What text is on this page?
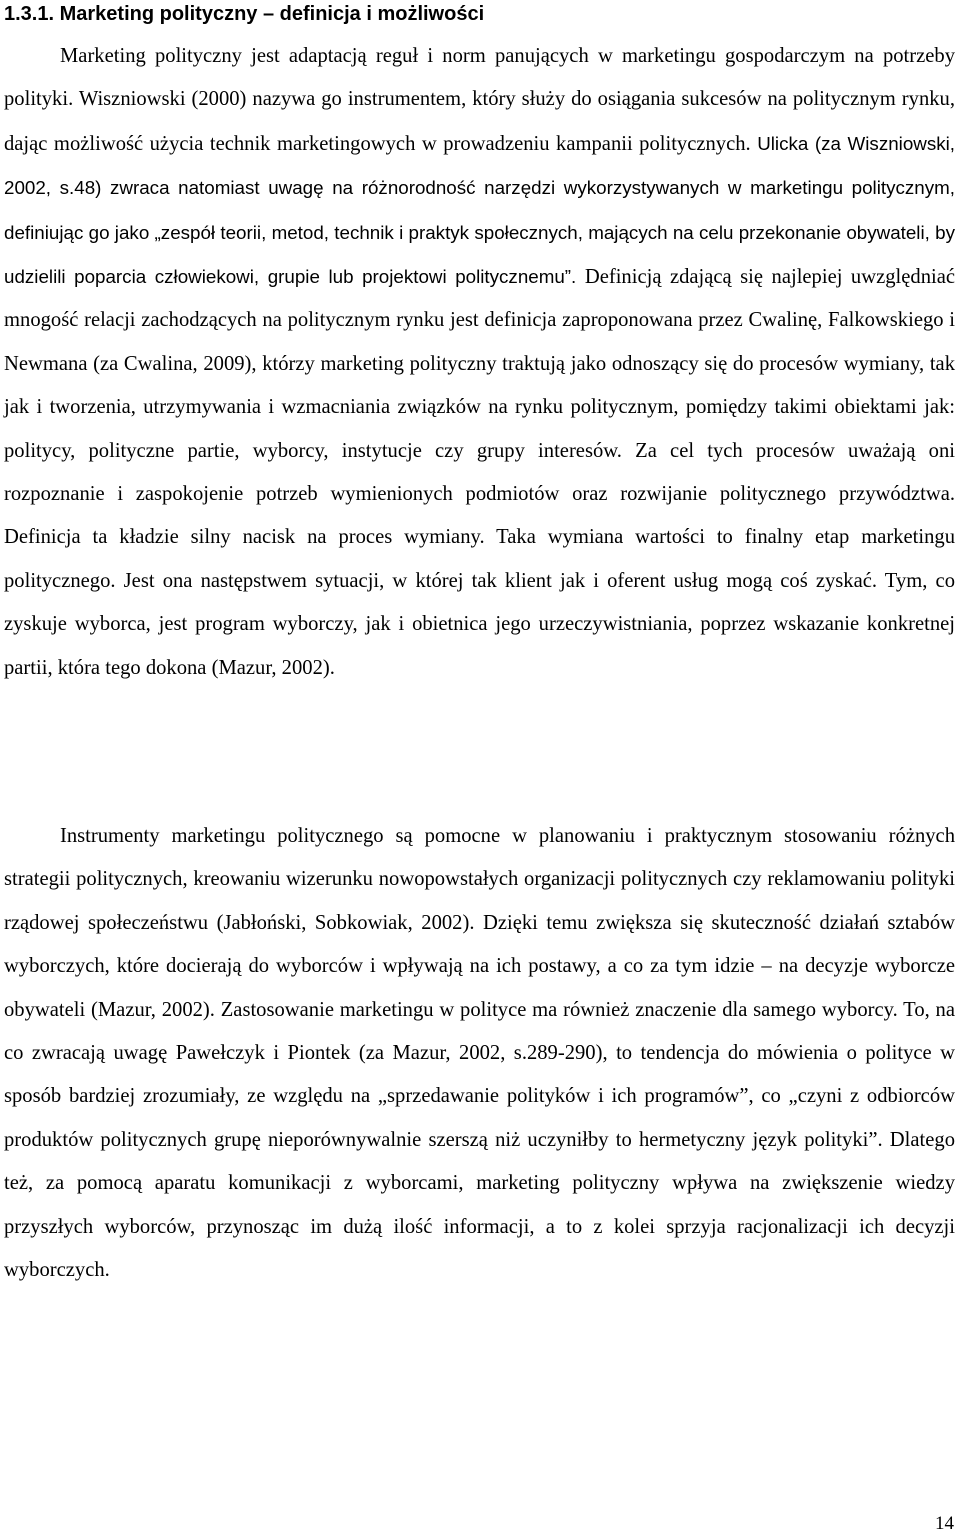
1.3.1. Marketing polityczny – definicja i możliwości

Marketing polityczny jest adaptacją reguł i norm panujących w marketingu gospodarczym na potrzeby polityki. Wiszniowski (2000) nazywa go instrumentem, który służy do osiągania sukcesów na politycznym rynku, dając możliwość użycia technik marketingowych w prowadzeniu kampanii politycznych. Ulicka (za Wiszniowski, 2002, s.48) zwraca natomiast uwagę na różnorodność narzędzi wykorzystywanych w marketingu politycznym, definiując go jako „zespół teorii, metod, technik i praktyk społecznych, mających na celu przekonanie obywateli, by udzielili poparcia człowiekowi, grupie lub projektowi politycznemu”. Definicją zdającą się najlepiej uwzględniać mnogość relacji zachodzących na politycznym rynku jest definicja zaproponowana przez Cwalinę, Falkowskiego i Newmana (za Cwalina, 2009), którzy marketing polityczny traktują jako odnoszący się do procesów wymiany, tak jak i tworzenia, utrzymywania i wzmacniania związków na rynku politycznym, pomiędzy takimi obiektami jak: politycy, polityczne partie, wyborcy, instytucje czy grupy interesów. Za cel tych procesów uważają oni rozpoznanie i zaspokojenie potrzeb wymienionych podmiotów oraz rozwijanie politycznego przywództwa. Definicja ta kładzie silny nacisk na proces wymiany. Taka wymiana wartości to finalny etap marketingu politycznego. Jest ona następstwem sytuacji, w której tak klient jak i oferent usług mogą coś zyskać. Tym, co zyskuje wyborca, jest program wyborczy, jak i obietnica jego urzeczywistniania, poprzez wskazanie konkretnej partii, która tego dokona (Mazur, 2002).

Instrumenty marketingu politycznego są pomocne w planowaniu i praktycznym stosowaniu różnych strategii politycznych, kreowaniu wizerunku nowopowstałych organizacji politycznych czy reklamowaniu polityki rządowej społeczeństwu (Jabłoński, Sobkowiak, 2002). Dzięki temu zwiększa się skuteczność działań sztabów wyborczych, które docierają do wyborców i wpływają na ich postawy, a co za tym idzie – na decyzje wyborcze obywateli (Mazur, 2002). Zastosowanie marketingu w polityce ma również znaczenie dla samego wyborcy. To, na co zwracają uwagę Pawełczyk i Piontek (za Mazur, 2002, s.289-290), to tendencja do mówienia o polityce w sposób bardziej zrozumiały, ze względu na „sprzedawanie polityków i ich programów”, co „czyni z odbiorców produktów politycznych grupę nieporównywalnie szerszą niż uczyniłby to hermetyczny język polityki”. Dlatego też, za pomocą aparatu komunikacji z wyborcami, marketing polityczny wpływa na zwiększenie wiedzy przyszłych wyborców, przynosząc im dużą ilość informacji, a to z kolei sprzyja racjonalizacji ich decyzji wyborczych.

14
